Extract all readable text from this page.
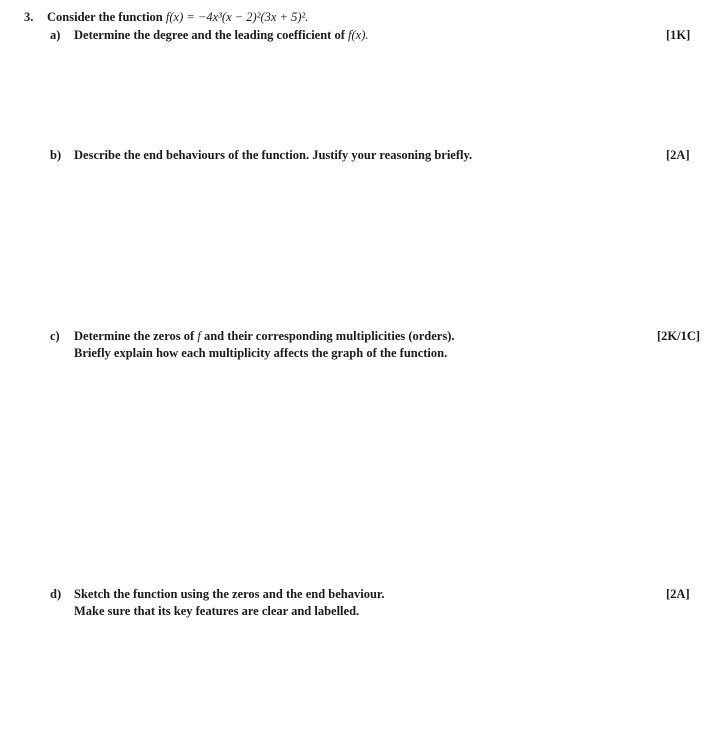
3. Consider the function f(x) = −4x³(x − 2)²(3x + 5)².
a) Determine the degree and the leading coefficient of f(x).	[1K]
b) Describe the end behaviours of the function. Justify your reasoning briefly.	[2A]
c) Determine the zeros of f and their corresponding multiplicities (orders).
Briefly explain how each multiplicity affects the graph of the function.
[2K/1C]
d) Sketch the function using the zeros and the end behaviour.
Make sure that its key features are clear and labelled.
[2A]
